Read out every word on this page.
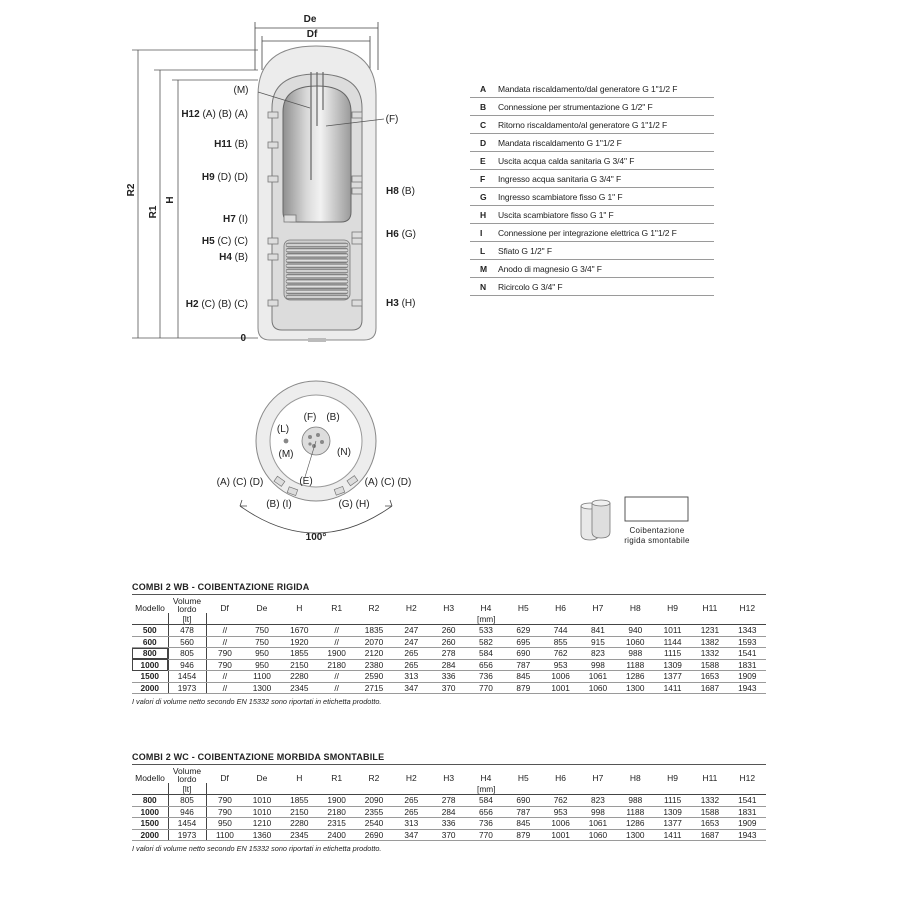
De
Df
R2
R1
H
0
H12 (A) (B) (A)
H11 (B)
H9 (D) (D)
H7 (I)
H5 (C) (C)
H4 (B)
H2 (C) (B) (C)
H8 (B)
H6 (G)
H3 (H)
(M)
(F)
(L)
(F) (B)
(M)	(N)
(E)
(A) (C) (D)	(A) (C) (D)
(B) (I)	(G) (H)
100°
A	Mandata riscaldamento/dal generatore G 1"1/2 F
B	Connessione per strumentazione G 1/2" F
C	Ritorno riscaldamento/al generatore G 1"1/2 F
D	Mandata riscaldamento G 1"1/2 F
E	Uscita acqua calda sanitaria G 3/4" F
F	Ingresso acqua sanitaria G 3/4" F
G	Ingresso scambiatore fisso G 1" F
H	Uscita scambiatore fisso G 1" F
I	Connessione per integrazione elettrica G 1"1/2 F
L	Sfiato G 1/2" F
M	Anodo di magnesio G 3/4" F
N	Ricircolo G 3/4" F
Coibentazione
rigida smontabile
COMBI 2 WB - COIBENTAZIONE RIGIDA
Modello	Volume
lordo	Df	De	H	R1	R2	H2	H3	H4	H5	H6	H7	H8	H9	H11	H12
	[lt]	[mm]														
500	478	//	750	1670	//	1835	247	260	533	629	744	841	940	1011	1231	1343
600	560	//	750	1920	//	2070	247	260	582	695	855	915	1060	1144	1382	1593
800	805	790	950	1855	1900	2120	265	278	584	690	762	823	988	1115	1332	1541
1000	946	790	950	2150	2180	2380	265	284	656	787	953	998	1188	1309	1588	1831
1500	1454	//	1100	2280	//	2590	313	336	736	845	1006	1061	1286	1377	1653	1909
2000	1973	//	1300	2345	//	2715	347	370	770	879	1001	1060	1300	1411	1687	1943
I valori di volume netto secondo EN 15332 sono riportati in etichetta prodotto.
COMBI 2 WC - COIBENTAZIONE MORBIDA SMONTABILE
Modello	Volume
lordo	Df	De	H	R1	R2	H2	H3	H4	H5	H6	H7	H8	H9	H11	H12
	[lt]	[mm]														
800	805	790	1010	1855	1900	2090	265	278	584	690	762	823	988	1115	1332	1541
1000	946	790	1010	2150	2180	2355	265	284	656	787	953	998	1188	1309	1588	1831
1500	1454	950	1210	2280	2315	2540	313	336	736	845	1006	1061	1286	1377	1653	1909
2000	1973	1100	1360	2345	2400	2690	347	370	770	879	1001	1060	1300	1411	1687	1943
I valori di volume netto secondo EN 15332 sono riportati in etichetta prodotto.
